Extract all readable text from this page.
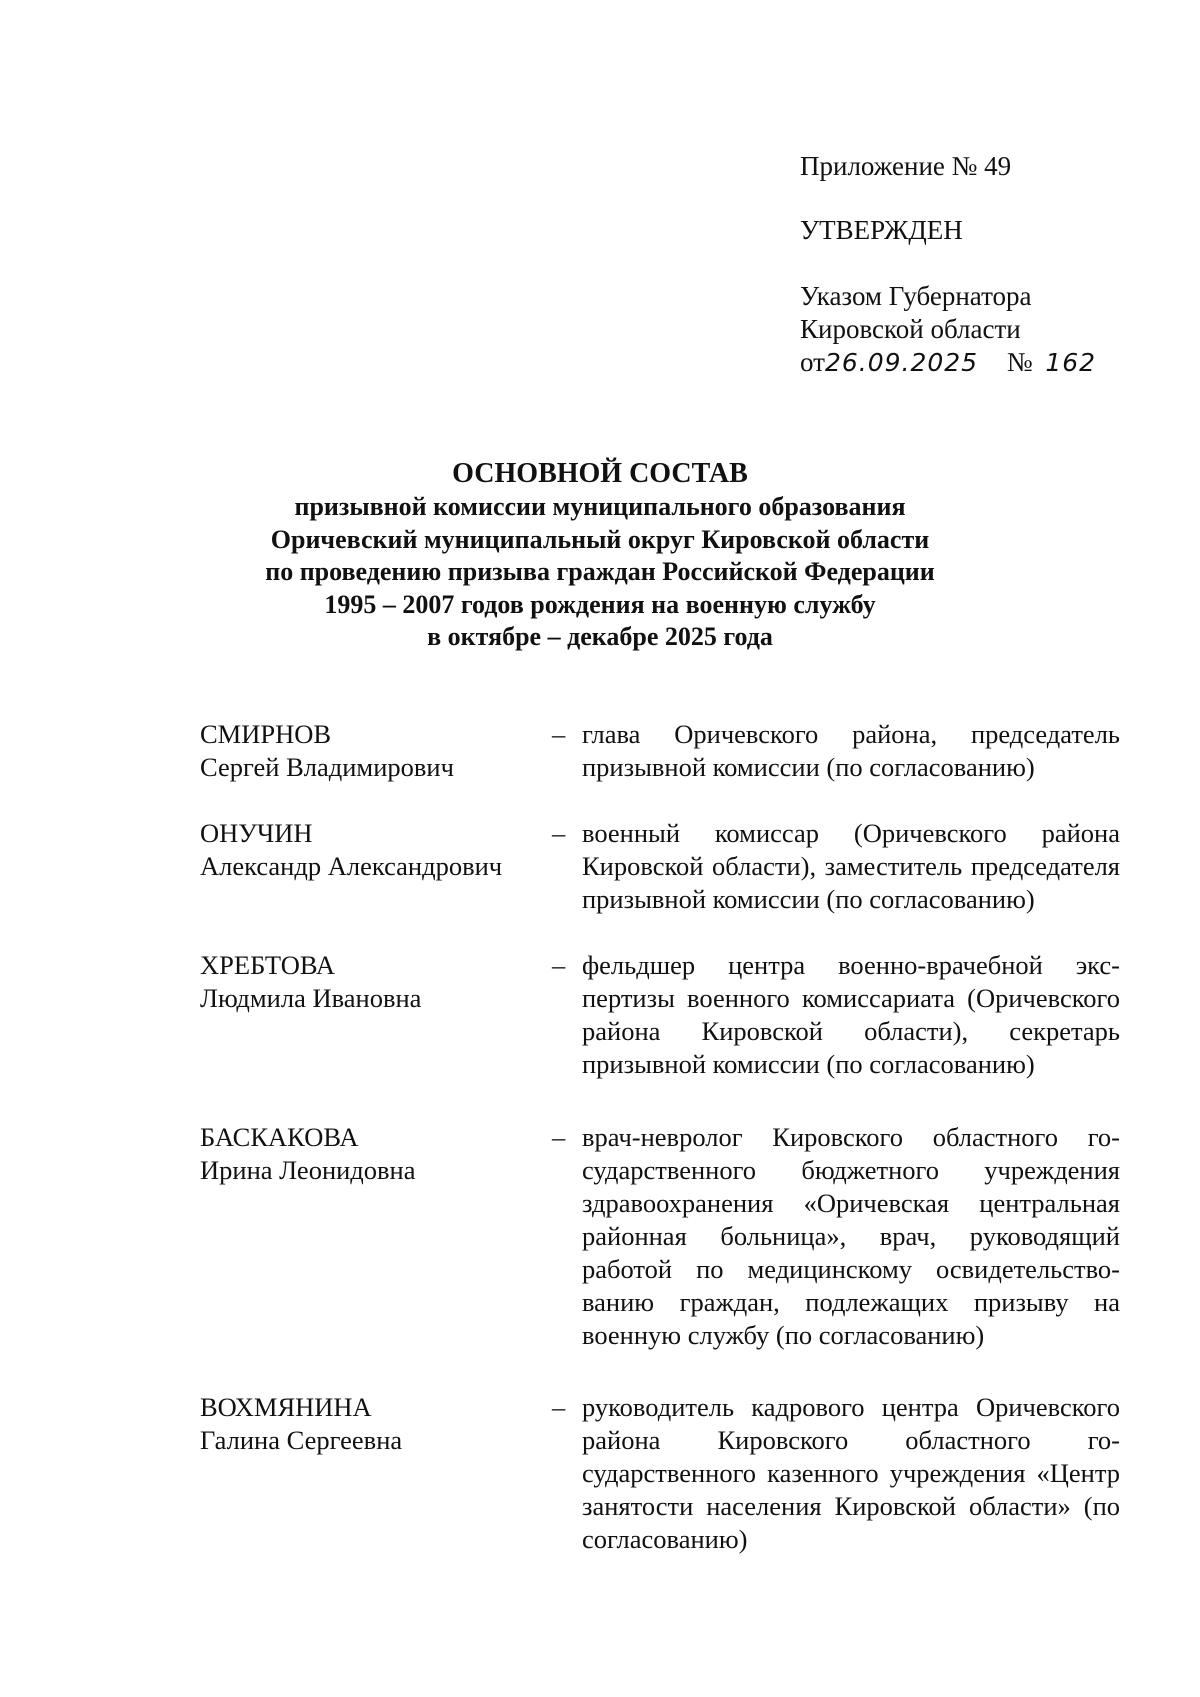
Приложение № 49
УТВЕРЖДЕН
Указом Губернатора
Кировской области
от26.09.2025 № 162
ОСНОВНОЙ СОСТАВ
призывной комиссии муниципального образования
Оричевский муниципальный округ Кировской области
по проведению призыва граждан Российской Федерации
1995 – 2007 годов рождения на военную службу
в октябре – декабре 2025 года
СМИРНОВ
Сергей Владимирович
– глава Оричевского района, председатель призывной комиссии (по согласованию)
ОНУЧИН
Александр Александрович
– военный комиссар (Оричевского района Кировской области), заместитель председателя призывной комиссии (по согласованию)
ХРЕБТОВА
Людмила Ивановна
– фельдшер центра военно-врачебной экспертизы военного комиссариата (Оричевского района Кировской области), секретарь призывной комиссии (по согласованию)
БАСКАКОВА
Ирина Леонидовна
– врач-невролог Кировского областного государственного бюджетного учреждения здравоохранения «Оричевская центральная районная больница», врач, руководящий работой по медицинскому освидетельствованию граждан, подлежащих призыву на военную службу (по согласованию)
ВОХМЯНИНА
Галина Сергеевна
– руководитель кадрового центра Оричевского района Кировского областного государственного казенного учреждения «Центр занятости населения Кировской области» (по согласованию)
